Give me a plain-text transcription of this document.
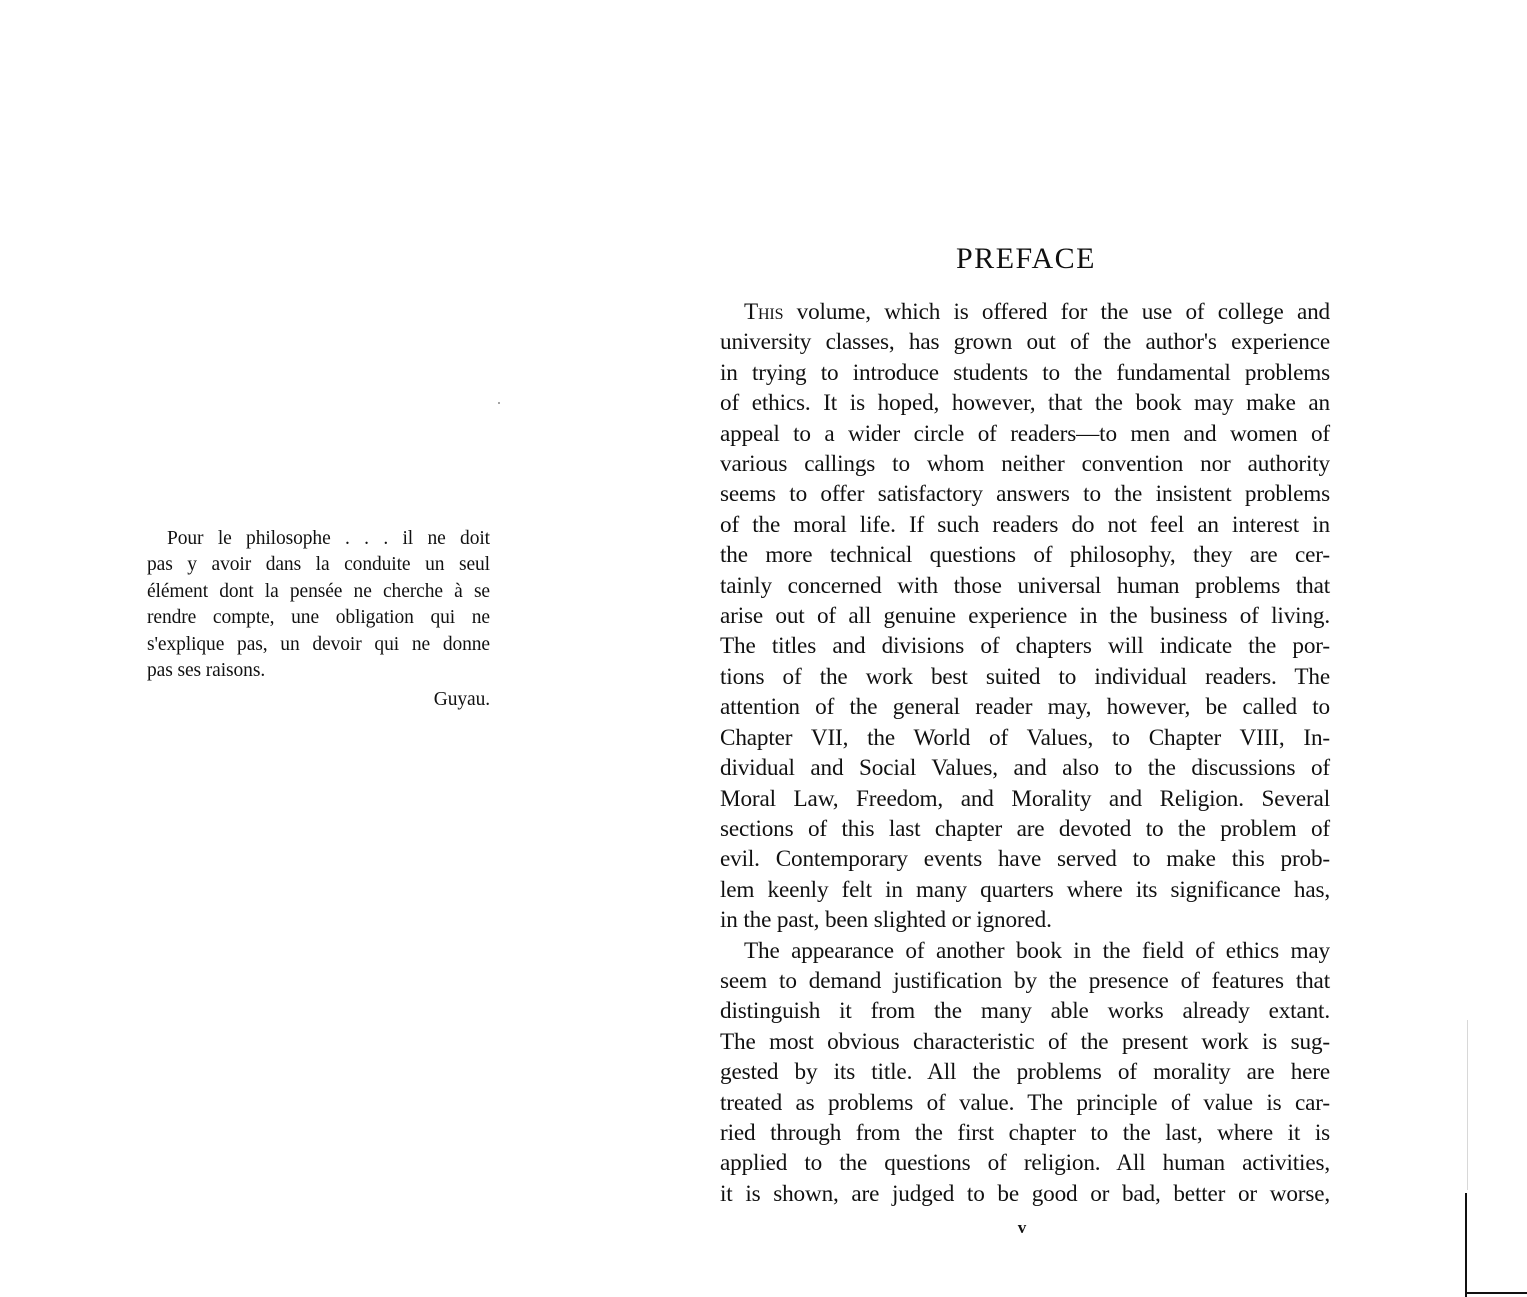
Pour le philosophe . . . il ne doit
pas y avoir dans la conduite un seul
élément dont la pensée ne cherche à se
rendre compte, une obligation qui ne
s'explique pas, un devoir qui ne donne
pas ses raisons.

Guyau.

PREFACE

This volume, which is offered for the use of college and
university classes, has grown out of the author's experience
in trying to introduce students to the fundamental problems
of ethics. It is hoped, however, that the book may make an
appeal to a wider circle of readers—to men and women of
various callings to whom neither convention nor authority
seems to offer satisfactory answers to the insistent problems
of the moral life. If such readers do not feel an interest in
the more technical questions of philosophy, they are cer-
tainly concerned with those universal human problems that
arise out of all genuine experience in the business of living.
The titles and divisions of chapters will indicate the por-
tions of the work best suited to individual readers. The
attention of the general reader may, however, be called to
Chapter VII, the World of Values, to Chapter VIII, In-
dividual and Social Values, and also to the discussions of
Moral Law, Freedom, and Morality and Religion. Several
sections of this last chapter are devoted to the problem of
evil. Contemporary events have served to make this prob-
lem keenly felt in many quarters where its significance has,
in the past, been slighted or ignored.

The appearance of another book in the field of ethics may
seem to demand justification by the presence of features that
distinguish it from the many able works already extant.
The most obvious characteristic of the present work is sug-
gested by its title. All the problems of morality are here
treated as problems of value. The principle of value is car-
ried through from the first chapter to the last, where it is
applied to the questions of religion. All human activities,
it is shown, are judged to be good or bad, better or worse,

v
